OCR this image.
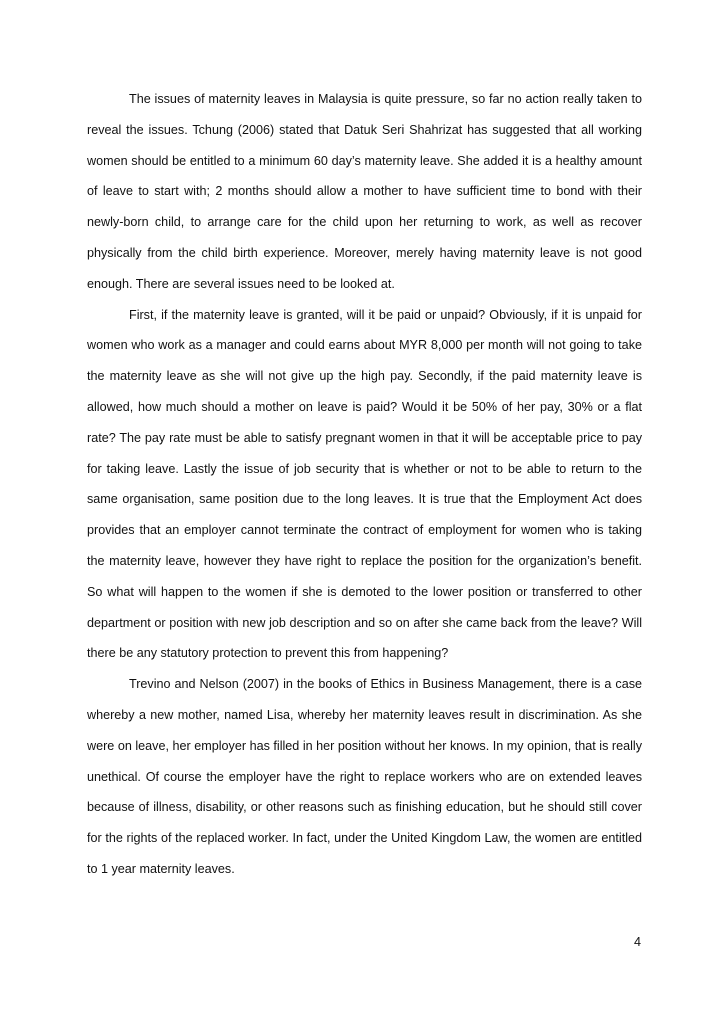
The issues of maternity leaves in Malaysia is quite pressure, so far no action really taken to reveal the issues. Tchung (2006) stated that Datuk Seri Shahrizat has suggested that all working women should be entitled to a minimum 60 day’s maternity leave. She added it is a healthy amount of leave to start with; 2 months should allow a mother to have sufficient time to bond with their newly-born child, to arrange care for the child upon her returning to work, as well as recover physically from the child birth experience. Moreover, merely having maternity leave is not good enough. There are several issues need to be looked at.

First, if the maternity leave is granted, will it be paid or unpaid? Obviously, if it is unpaid for women who work as a manager and could earns about MYR 8,000 per month will not going to take the maternity leave as she will not give up the high pay. Secondly, if the paid maternity leave is allowed, how much should a mother on leave is paid? Would it be 50% of her pay, 30% or a flat rate? The pay rate must be able to satisfy pregnant women in that it will be acceptable price to pay for taking leave. Lastly the issue of job security that is whether or not to be able to return to the same organisation, same position due to the long leaves. It is true that the Employment Act does provides that an employer cannot terminate the contract of employment for women who is taking the maternity leave, however they have right to replace the position for the organization’s benefit. So what will happen to the women if she is demoted to the lower position or transferred to other department or position with new job description and so on after she came back from the leave? Will there be any statutory protection to prevent this from happening?

Trevino and Nelson (2007) in the books of Ethics in Business Management, there is a case whereby a new mother, named Lisa, whereby her maternity leaves result in discrimination. As she were on leave, her employer has filled in her position without her knows. In my opinion, that is really unethical. Of course the employer have the right to replace workers who are on extended leaves because of illness, disability, or other reasons such as finishing education, but he should still cover for the rights of the replaced worker. In fact, under the United Kingdom Law, the women are entitled to 1 year maternity leaves.

4
